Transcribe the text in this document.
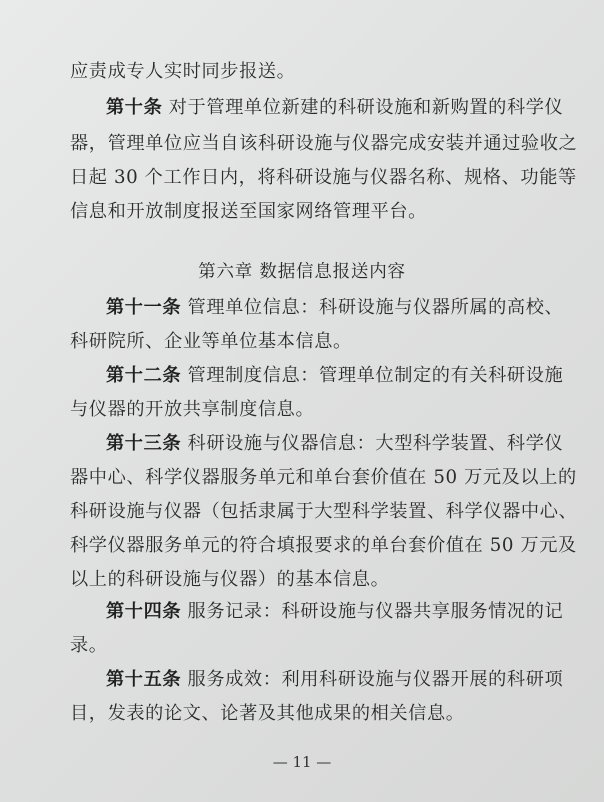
应责成专人实时同步报送。
第十条 对于管理单位新建的科研设施和新购置的科学仪
器，管理单位应当自该科研设施与仪器完成安装并通过验收之
日起 30 个工作日内，将科研设施与仪器名称、规格、功能等
信息和开放制度报送至国家网络管理平台。
第六章 数据信息报送内容
第十一条 管理单位信息：科研设施与仪器所属的高校、
科研院所、企业等单位基本信息。
第十二条 管理制度信息：管理单位制定的有关科研设施
与仪器的开放共享制度信息。
第十三条 科研设施与仪器信息：大型科学装置、科学仪
器中心、科学仪器服务单元和单台套价值在 50 万元及以上的
科研设施与仪器（包括隶属于大型科学装置、科学仪器中心、
科学仪器服务单元的符合填报要求的单台套价值在 50 万元及
以上的科研设施与仪器）的基本信息。
第十四条 服务记录：科研设施与仪器共享服务情况的记
录。
第十五条 服务成效：利用科研设施与仪器开展的科研项
目，发表的论文、论著及其他成果的相关信息。
— 11 —
